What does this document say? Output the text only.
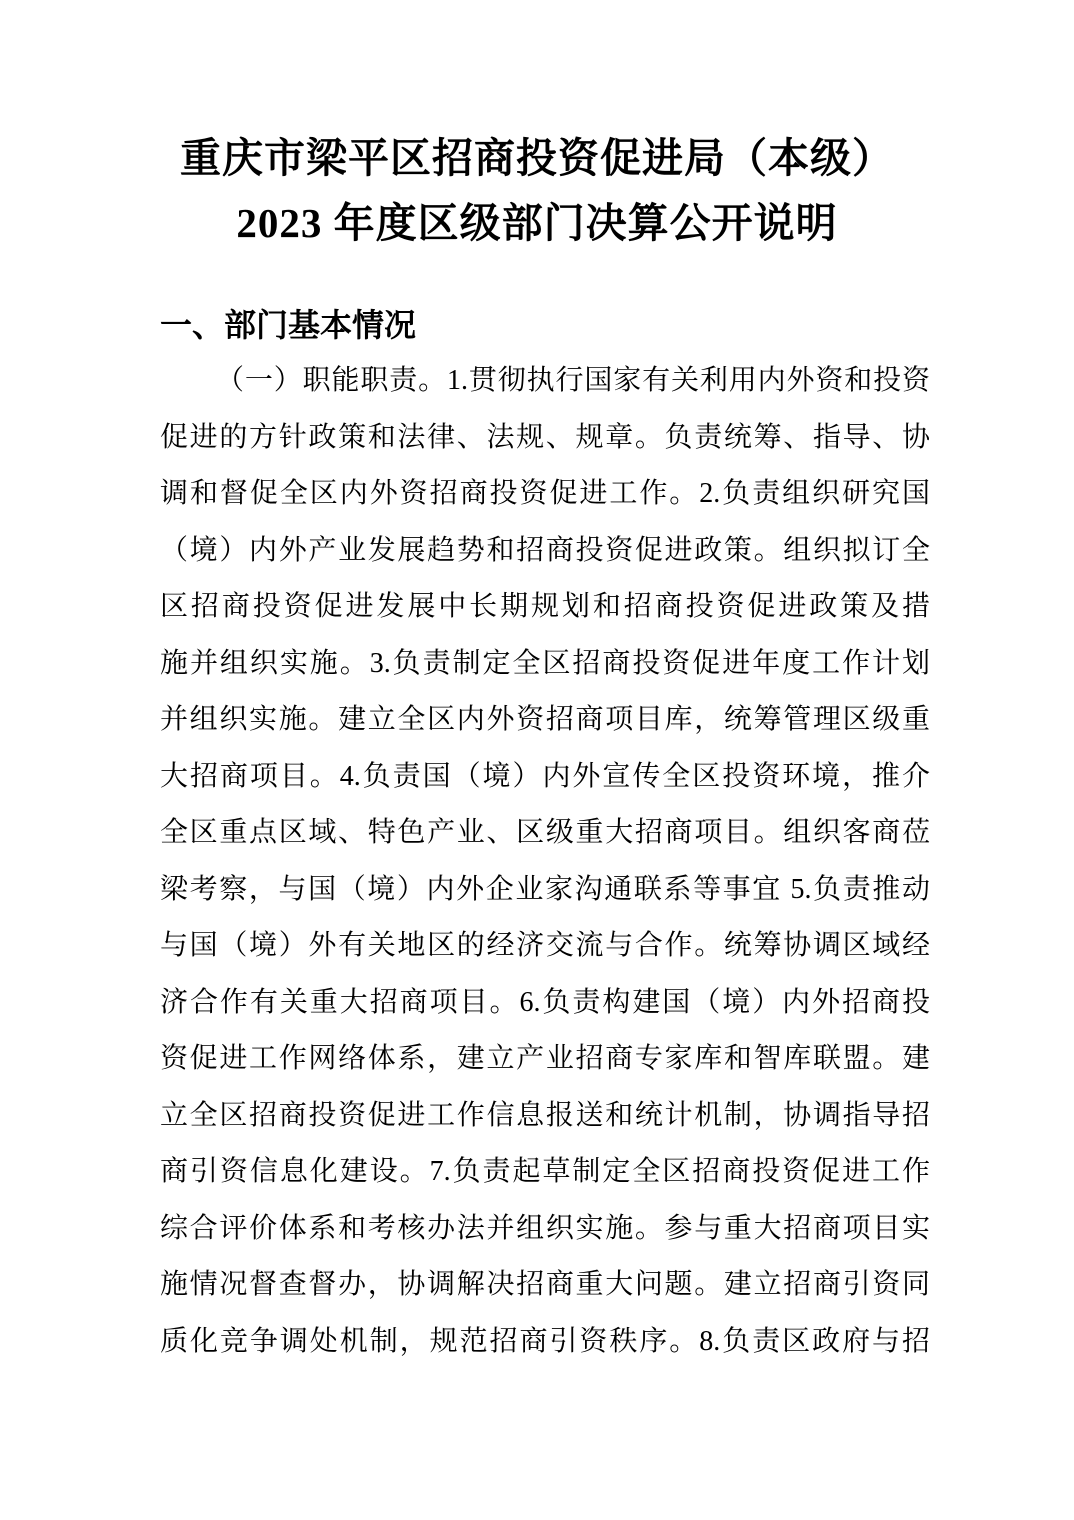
重庆市梁平区招商投资促进局（本级）
2023 年度区级部门决算公开说明
一、部门基本情况
（一）职能职责。1.贯彻执行国家有关利用内外资和投资
促进的方针政策和法律、法规、规章。负责统筹、指导、协
调和督促全区内外资招商投资促进工作。2.负责组织研究国
（境）内外产业发展趋势和招商投资促进政策。组织拟订全
区招商投资促进发展中长期规划和招商投资促进政策及措
施并组织实施。3.负责制定全区招商投资促进年度工作计划
并组织实施。建立全区内外资招商项目库，统筹管理区级重
大招商项目。4.负责国（境）内外宣传全区投资环境，推介
全区重点区域、特色产业、区级重大招商项目。组织客商莅
梁考察，与国（境）内外企业家沟通联系等事宜 5.负责推动
与国（境）外有关地区的经济交流与合作。统筹协调区域经
济合作有关重大招商项目。6.负责构建国（境）内外招商投
资促进工作网络体系，建立产业招商专家库和智库联盟。建
立全区招商投资促进工作信息报送和统计机制，协调指导招
商引资信息化建设。7.负责起草制定全区招商投资促进工作
综合评价体系和考核办法并组织实施。参与重大招商项目实
施情况督查督办，协调解决招商重大问题。建立招商引资同
质化竞争调处机制，规范招商引资秩序。8.负责区政府与招
